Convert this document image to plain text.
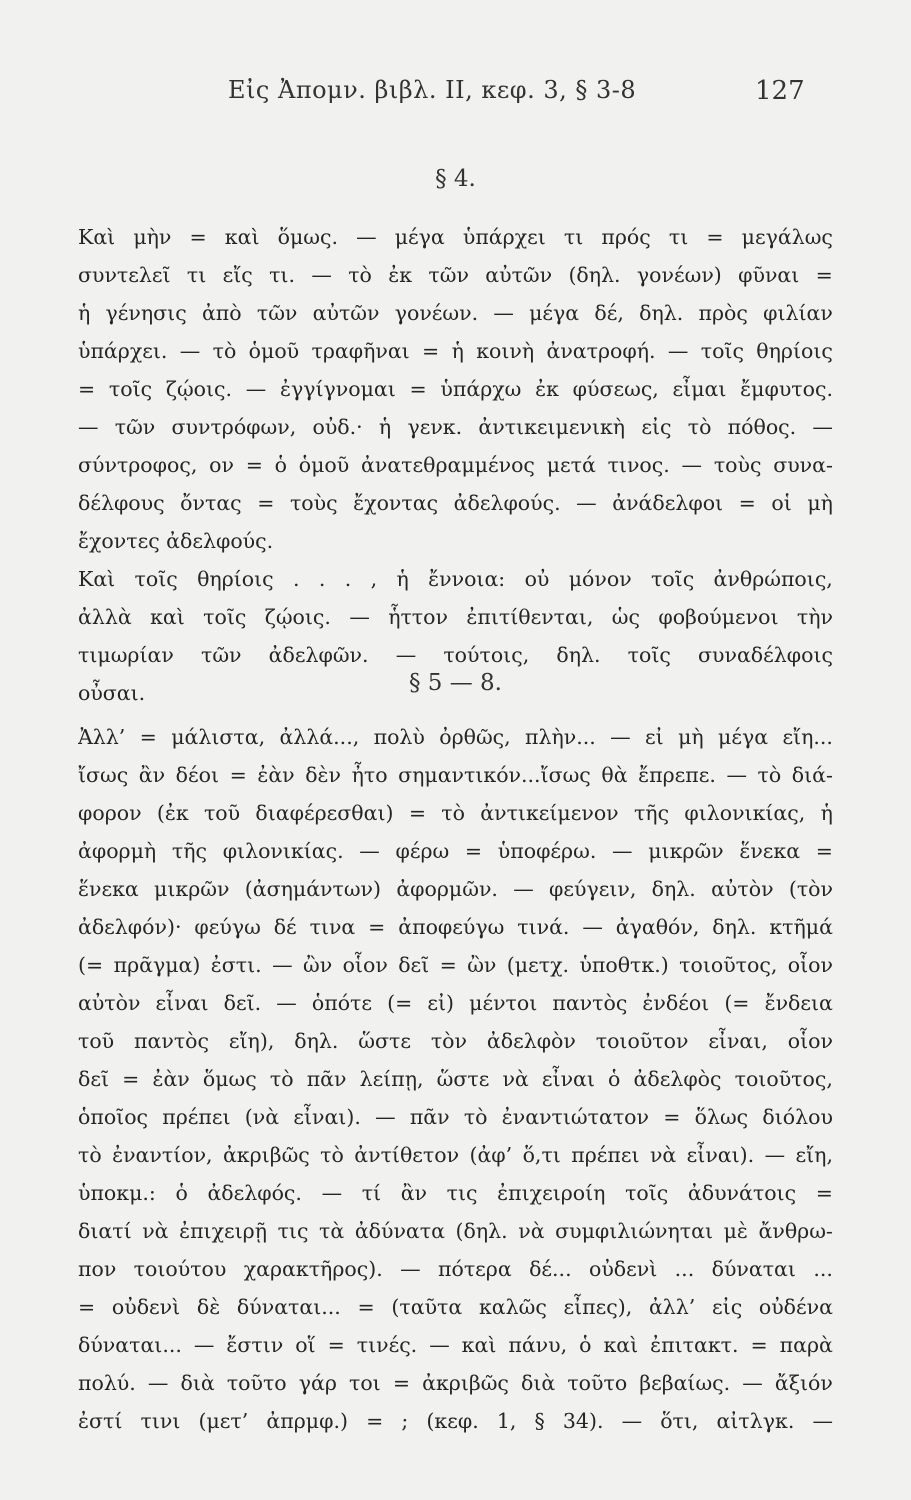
Εἰς Ἀπομν. βιβλ. ΙΙ, κεφ. 3, § 3-8	127
§ 4.
Καὶ μὴν = καὶ ὅμως. — μέγα ὑπάρχει τι πρός τι = μεγάλως
συντελεῖ τι εἴς τι. — τὸ ἐκ τῶν αὐτῶν (δηλ. γονέων) φῦναι =
ἡ γένησις ἀπὸ τῶν αὐτῶν γονέων. — μέγα δέ, δηλ. πρὸς φιλίαν
ὑπάρχει. — τὸ ὁμοῦ τραφῆναι = ἡ κοινὴ ἀνατροφή. — τοῖς θηρίοις
= τοῖς ζῴοις. — ἐγγίγνομαι = ὑπάρχω ἐκ φύσεως, εἶμαι ἔμφυτος.
— τῶν συντρόφων, οὐδ.· ἡ γενκ. ἀντικειμενικὴ εἰς τὸ πόθος. —
σύντροφος, ον = ὁ ὁμοῦ ἀνατεθραμμένος μετά τινος. — τοὺς συνα-
δέλφους ὄντας = τοὺς ἔχοντας ἀδελφούς. — ἀνάδελφοι = οἱ μὴ
ἔχοντες ἀδελφούς.
Καὶ τοῖς θηρίοις . . . , ἡ ἔννοια: οὐ μόνον τοῖς ἀνθρώποις,
ἀλλὰ καὶ τοῖς ζῴοις. — ἧττον ἐπιτίθενται, ὡς φοβούμενοι τὴν
τιμωρίαν τῶν ἀδελφῶν. — τούτοις, δηλ. τοῖς συναδέλφοις
οὖσαι.	§ 5 — 8.
Ἀλλ’ = μάλιστα, ἀλλά..., πολὺ ὀρθῶς, πλὴν... — εἰ μὴ μέγα εἴη...
ἴσως ἂν δέοι = ἐὰν δὲν ἦτο σημαντικόν...ἴσως θὰ ἔπρεπε. — τὸ διά-
φορον (ἐκ τοῦ διαφέρεσθαι) = τὸ ἀντικείμενον τῆς φιλονικίας, ἡ
ἀφορμὴ τῆς φιλονικίας. — φέρω = ὑποφέρω. — μικρῶν ἕνεκα =
ἕνεκα μικρῶν (ἀσημάντων) ἀφορμῶν. — φεύγειν, δηλ. αὐτὸν (τὸν
ἀδελφόν)· φεύγω δέ τινα = ἀποφεύγω τινά. — ἀγαθόν, δηλ. κτῆμά
(= πρᾶγμα) ἐστι. — ὢν οἷον δεῖ = ὢν (μετχ. ὑποθτκ.) τοιοῦτος, οἷον
αὐτὸν εἶναι δεῖ. — ὁπότε (= εἰ) μέντοι παντὸς ἐνδέοι (= ἔνδεια
τοῦ παντὸς εἴη), δηλ. ὥστε τὸν ἀδελφὸν τοιοῦτον εἶναι, οἷον
δεῖ = ἐὰν ὅμως τὸ πᾶν λείπῃ, ὥστε νὰ εἶναι ὁ ἀδελφὸς τοιοῦτος,
ὁποῖος πρέπει (νὰ εἶναι). — πᾶν τὸ ἐναντιώτατον = ὅλως διόλου
τὸ ἐναντίον, ἀκριβῶς τὸ ἀντίθετον (ἀφ’ ὅ,τι πρέπει νὰ εἶναι). — εἴη,
ὑποκμ.: ὁ ἀδελφός. — τί ἂν τις ἐπιχειροίη τοῖς ἀδυνάτοις =
διατί νὰ ἐπιχειρῇ τις τὰ ἀδύνατα (δηλ. νὰ συμφιλιώνηται μὲ ἄνθρω-
πον τοιούτου χαρακτῆρος). — πότερα δέ... οὐδενὶ ... δύναται ...
= οὐδενὶ δὲ δύναται... = (ταῦτα καλῶς εἶπες), ἀλλ’ εἰς οὐδένα
δύναται... — ἔστιν οἵ = τινές. — καὶ πάνυ, ὁ καὶ ἐπιτακτ. = παρὰ
πολύ. — διὰ τοῦτο γάρ τοι = ἀκριβῶς διὰ τοῦτο βεβαίως. — ἄξιόν
ἐστί τινι (μετ’ ἀπρμφ.) = ; (κεφ. 1, § 34). — ὅτι, αἰτλγκ. —
